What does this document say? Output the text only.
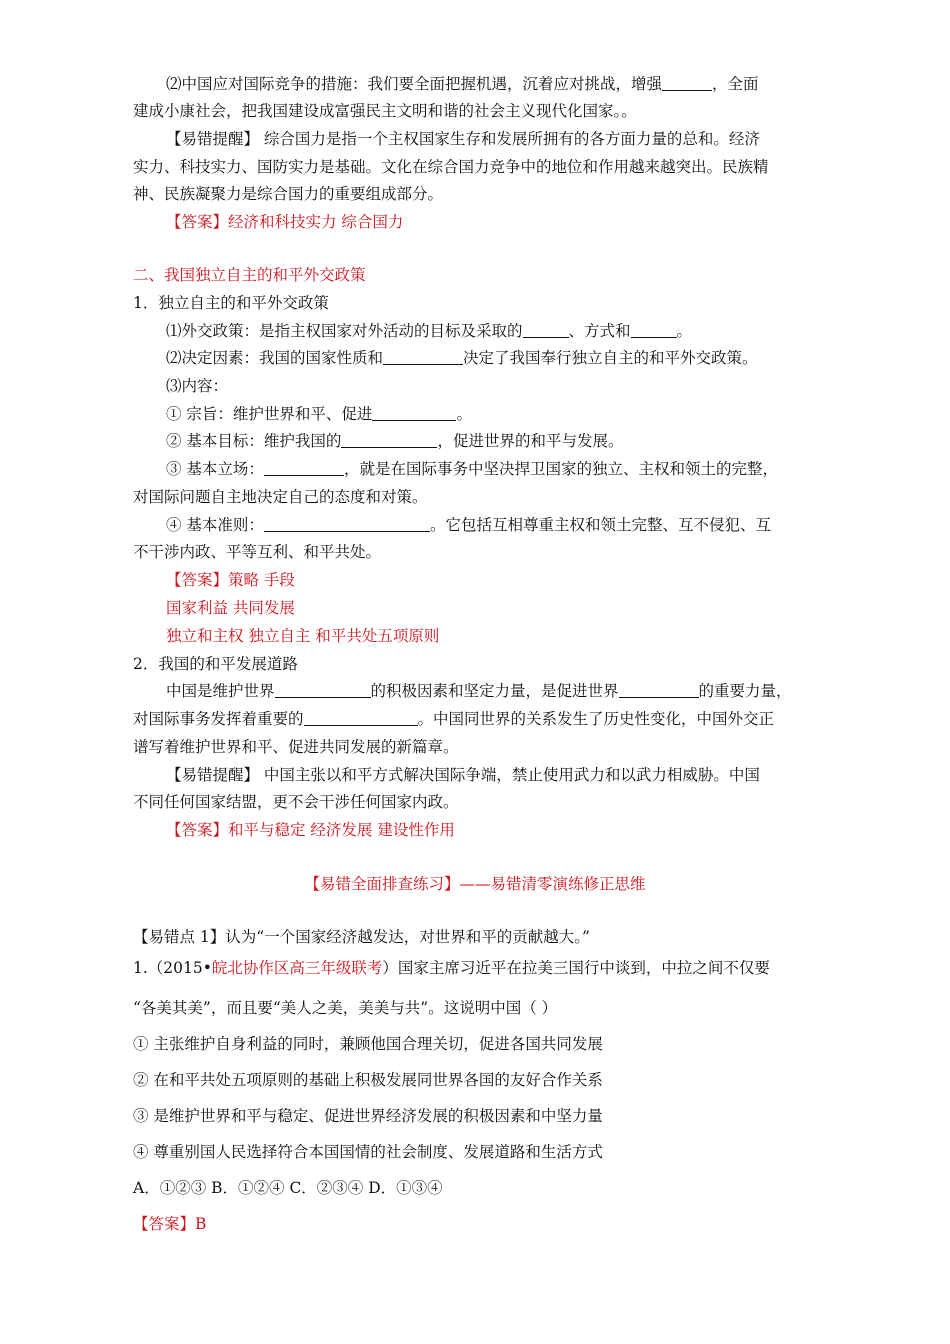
⑵中国应对国际竞争的措施：我们要全面把握机遇，沉着应对挑战，增强	，全面
建成小康社会，把我国建设成富强民主文明和谐的社会主义现代化国家。。
【易错提醒】 综合国力是指一个主权国家生存和发展所拥有的各方面力量的总和。经济
实力、科技实力、国防实力是基础。文化在综合国力竞争中的地位和作用越来越突出。民族精
神、民族凝聚力是综合国力的重要组成部分。
【答案】经济和科技实力 综合国力
二、我国独立自主的和平外交政策
1．独立自主的和平外交政策
⑴外交政策：是指主权国家对外活动的目标及采取的	、方式和	。
⑵决定因素：我国的国家性质和	决定了我国奉行独立自主的和平外交政策。
⑶内容：
① 宗旨：维护世界和平、促进	。
② 基本目标：维护我国的	，促进世界的和平与发展。
③ 基本立场：	，就是在国际事务中坚决捍卫国家的独立、主权和领土的完整，
对国际问题自主地决定自己的态度和对策。
④ 基本准则：	。它包括互相尊重主权和领土完整、互不侵犯、互
不干涉内政、平等互利、和平共处。
【答案】策略 手段
国家利益 共同发展
独立和主权 独立自主 和平共处五项原则
2．我国的和平发展道路
中国是维护世界	的积极因素和坚定力量，是促进世界	的重要力量，
对国际事务发挥着重要的	。中国同世界的关系发生了历史性变化，中国外交正
谱写着维护世界和平、促进共同发展的新篇章。
【易错提醒】 中国主张以和平方式解决国际争端，禁止使用武力和以武力相威胁。中国
不同任何国家结盟，更不会干涉任何国家内政。
【答案】和平与稳定 经济发展 建设性作用
【易错全面排查练习】——易错清零演练修正思维
【易错点 1】认为“一个国家经济越发达，对世界和平的贡献越大。”
1.（2015•皖北协作区高三年级联考）国家主席习近平在拉美三国行中谈到，中拉之间不仅要
“各美其美”，而且要“美人之美，美美与共”。这说明中国（ ）
① 主张维护自身利益的同时，兼顾他国合理关切，促进各国共同发展
② 在和平共处五项原则的基础上积极发展同世界各国的友好合作关系
③ 是维护世界和平与稳定、促进世界经济发展的积极因素和中坚力量
④ 尊重别国人民选择符合本国国情的社会制度、发展道路和生活方式
A．①②③ B．①②④ C．②③④ D．①③④
【答案】B
